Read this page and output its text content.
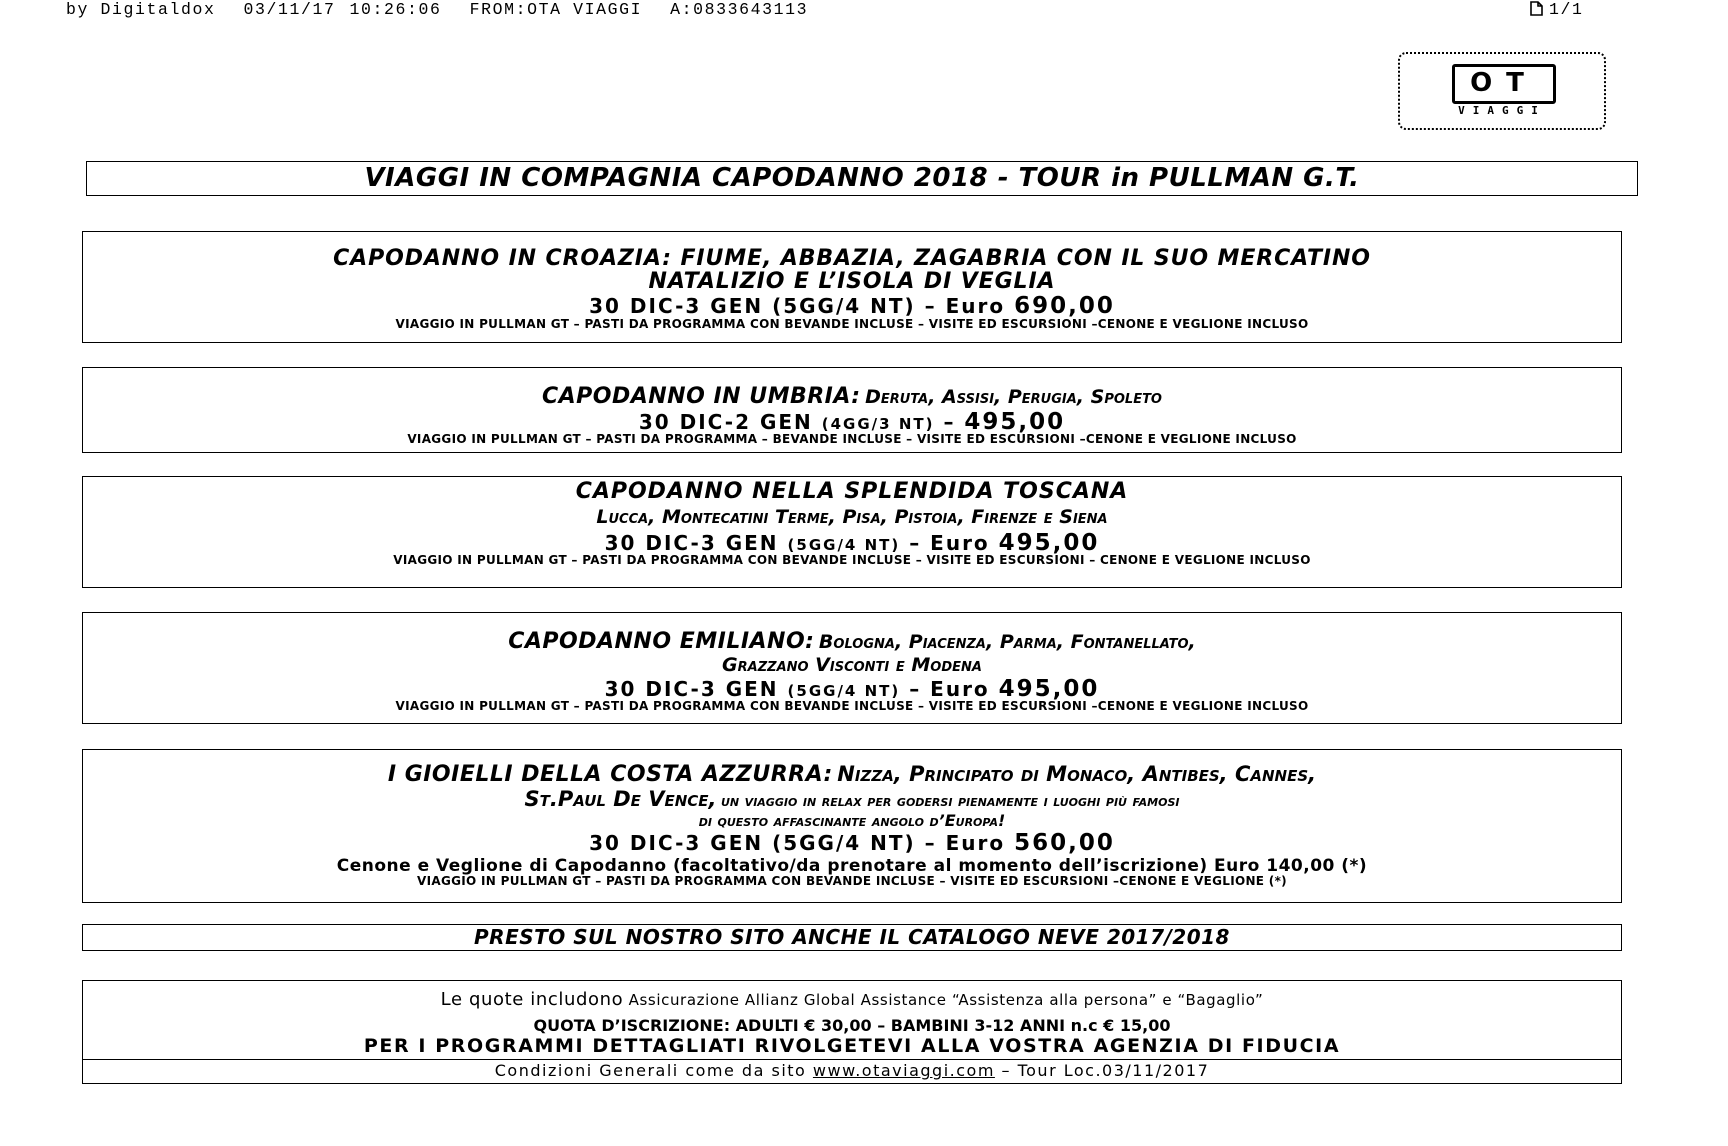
by Digitaldox 03/11/17 10:26:06 FROM:OTA VIAGGI A:0833643113	1/1
OT
VIAGGI
VIAGGI IN COMPAGNIA CAPODANNO 2018 - TOUR in PULLMAN G.T.
CAPODANNO IN CROAZIA: FIUME, ABBAZIA, ZAGABRIA CON IL SUO MERCATINO
NATALIZIO E L’ISOLA DI VEGLIA
30 DIC-3 GEN (5GG/4 NT) – Euro 690,00
VIAGGIO IN PULLMAN GT – PASTI DA PROGRAMMA CON BEVANDE INCLUSE – VISITE ED ESCURSIONI –CENONE E VEGLIONE INCLUSO
CAPODANNO IN UMBRIA: Deruta, Assisi, Perugia, Spoleto
30 DIC-2 GEN (4GG/3 NT) – 495,00
VIAGGIO IN PULLMAN GT – PASTI DA PROGRAMMA – BEVANDE INCLUSE – VISITE ED ESCURSIONI –CENONE E VEGLIONE INCLUSO
CAPODANNO NELLA SPLENDIDA TOSCANA
Lucca, Montecatini Terme, Pisa, Pistoia, Firenze e Siena
30 DIC-3 GEN (5GG/4 NT) – Euro 495,00
VIAGGIO IN PULLMAN GT – PASTI DA PROGRAMMA CON BEVANDE INCLUSE – VISITE ED ESCURSIONI – CENONE E VEGLIONE INCLUSO
CAPODANNO EMILIANO: Bologna, Piacenza, Parma, Fontanellato,
Grazzano Visconti e Modena
30 DIC-3 GEN (5GG/4 NT) – Euro 495,00
VIAGGIO IN PULLMAN GT – PASTI DA PROGRAMMA CON BEVANDE INCLUSE – VISITE ED ESCURSIONI –CENONE E VEGLIONE INCLUSO
I GIOIELLI DELLA COSTA AZZURRA: Nizza, Principato di Monaco, Antibes, Cannes,
St.Paul De Vence, un viaggio in relax per godersi pienamente i luoghi più famosi
di questo affascinante angolo d’Europa!
30 DIC-3 GEN (5GG/4 NT) – Euro 560,00
Cenone e Veglione di Capodanno (facoltativo/da prenotare al momento dell’iscrizione) Euro 140,00 (*)
VIAGGIO IN PULLMAN GT – PASTI DA PROGRAMMA CON BEVANDE INCLUSE – VISITE ED ESCURSIONI –CENONE E VEGLIONE (*)
PRESTO SUL NOSTRO SITO ANCHE IL CATALOGO NEVE 2017/2018
Le quote includono Assicurazione Allianz Global Assistance “Assistenza alla persona” e “Bagaglio”
QUOTA D’ISCRIZIONE: ADULTI € 30,00 – BAMBINI 3-12 ANNI n.c € 15,00
PER I PROGRAMMI DETTAGLIATI RIVOLGETEVI ALLA VOSTRA AGENZIA DI FIDUCIA
Condizioni Generali come da sito www.otaviaggi.com – Tour Loc.03/11/2017
